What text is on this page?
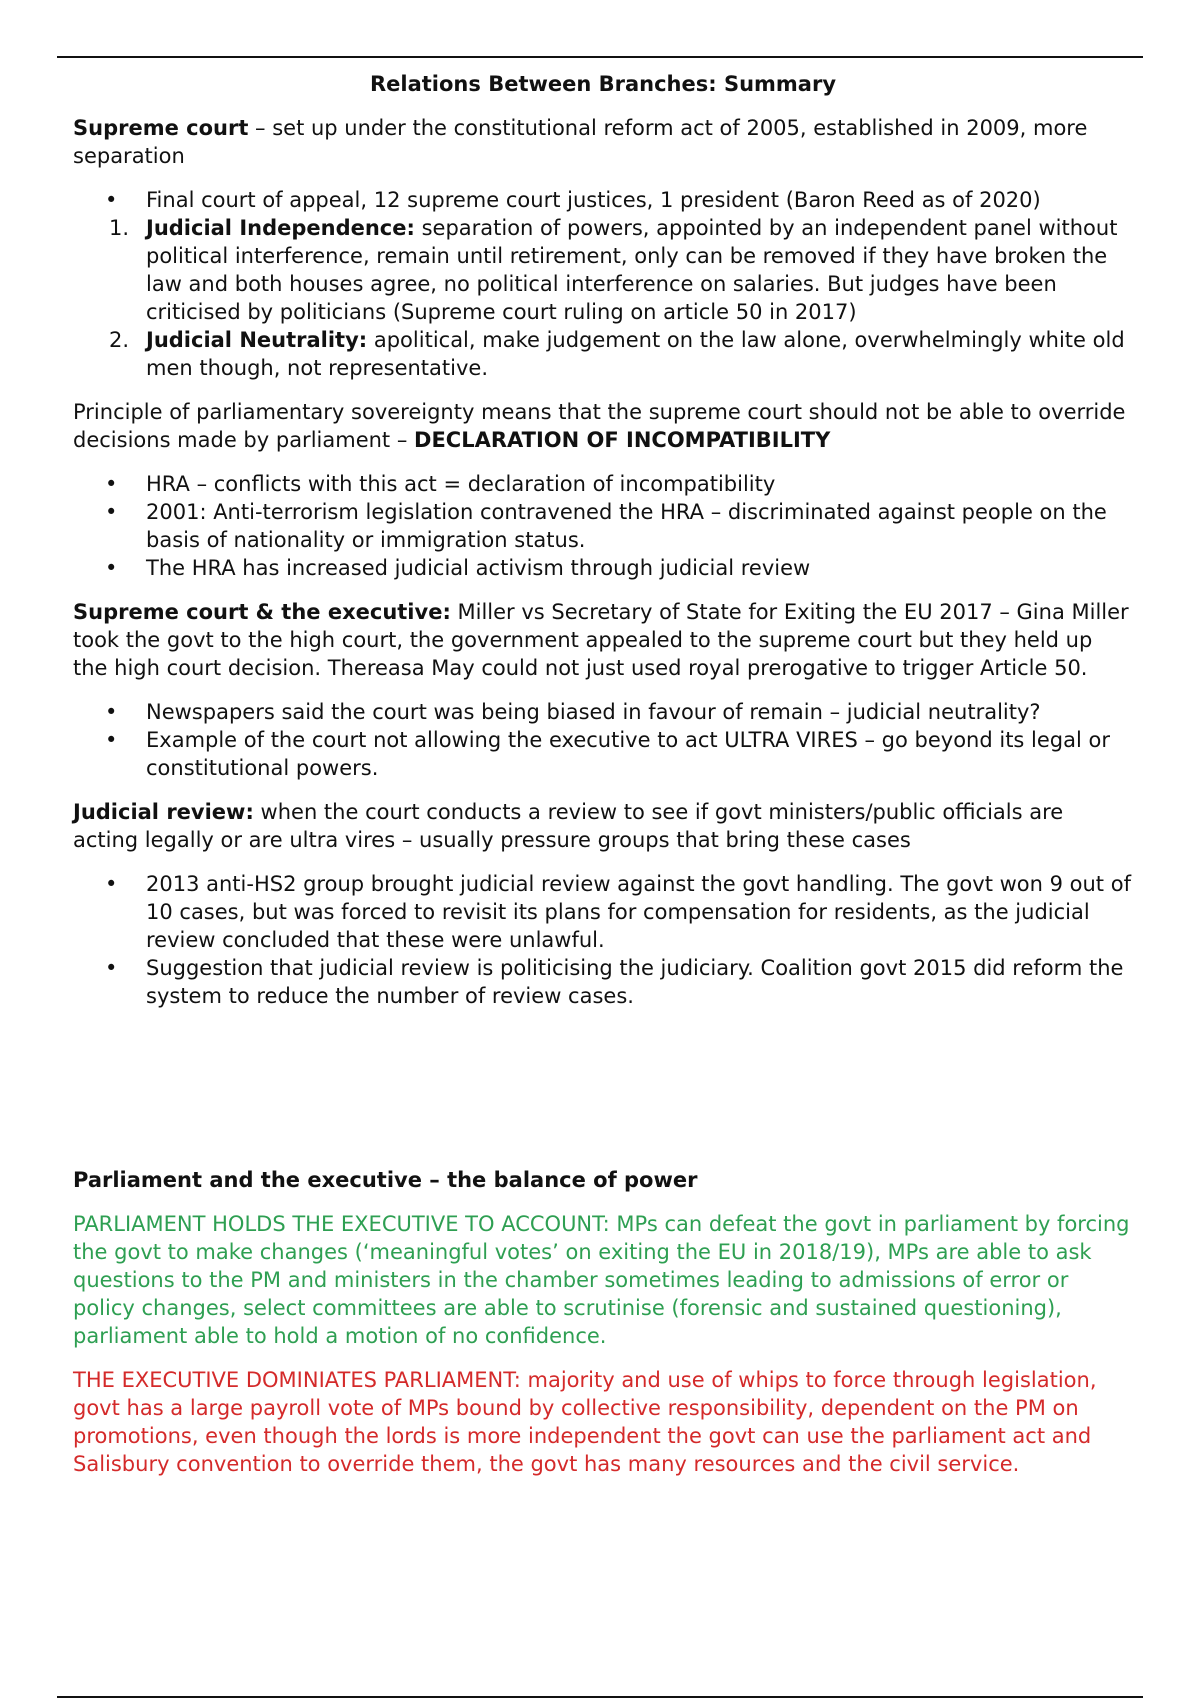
Relations Between Branches: Summary

Supreme court – set up under the constitutional reform act of 2005, established in 2009, more separation

•	Final court of appeal, 12 supreme court justices, 1 president (Baron Reed as of 2020)
1. Judicial Independence: separation of powers, appointed by an independent panel without political interference, remain until retirement, only can be removed if they have broken the law and both houses agree, no political interference on salaries. But judges have been criticised by politicians (Supreme court ruling on article 50 in 2017)
2. Judicial Neutrality: apolitical, make judgement on the law alone, overwhelmingly white old men though, not representative.

Principle of parliamentary sovereignty means that the supreme court should not be able to override decisions made by parliament – DECLARATION OF INCOMPATIBILITY

•	HRA – conflicts with this act = declaration of incompatibility
•	2001: Anti-terrorism legislation contravened the HRA – discriminated against people on the basis of nationality or immigration status.
•	The HRA has increased judicial activism through judicial review

Supreme court & the executive: Miller vs Secretary of State for Exiting the EU 2017 – Gina Miller took the govt to the high court, the government appealed to the supreme court but they held up the high court decision. Thereasa May could not just used royal prerogative to trigger Article 50.

•	Newspapers said the court was being biased in favour of remain – judicial neutrality?
•	Example of the court not allowing the executive to act ULTRA VIRES – go beyond its legal or constitutional powers.

Judicial review: when the court conducts a review to see if govt ministers/public officials are acting legally or are ultra vires – usually pressure groups that bring these cases

•	2013 anti-HS2 group brought judicial review against the govt handling. The govt won 9 out of 10 cases, but was forced to revisit its plans for compensation for residents, as the judicial review concluded that these were unlawful.
•	Suggestion that judicial review is politicising the judiciary. Coalition govt 2015 did reform the system to reduce the number of review cases.

Parliament and the executive – the balance of power

PARLIAMENT HOLDS THE EXECUTIVE TO ACCOUNT: MPs can defeat the govt in parliament by forcing the govt to make changes (‘meaningful votes’ on exiting the EU in 2018/19), MPs are able to ask questions to the PM and ministers in the chamber sometimes leading to admissions of error or policy changes, select committees are able to scrutinise (forensic and sustained questioning), parliament able to hold a motion of no confidence.

THE EXECUTIVE DOMINIATES PARLIAMENT: majority and use of whips to force through legislation, govt has a large payroll vote of MPs bound by collective responsibility, dependent on the PM on promotions, even though the lords is more independent the govt can use the parliament act and Salisbury convention to override them, the govt has many resources and the civil service.
